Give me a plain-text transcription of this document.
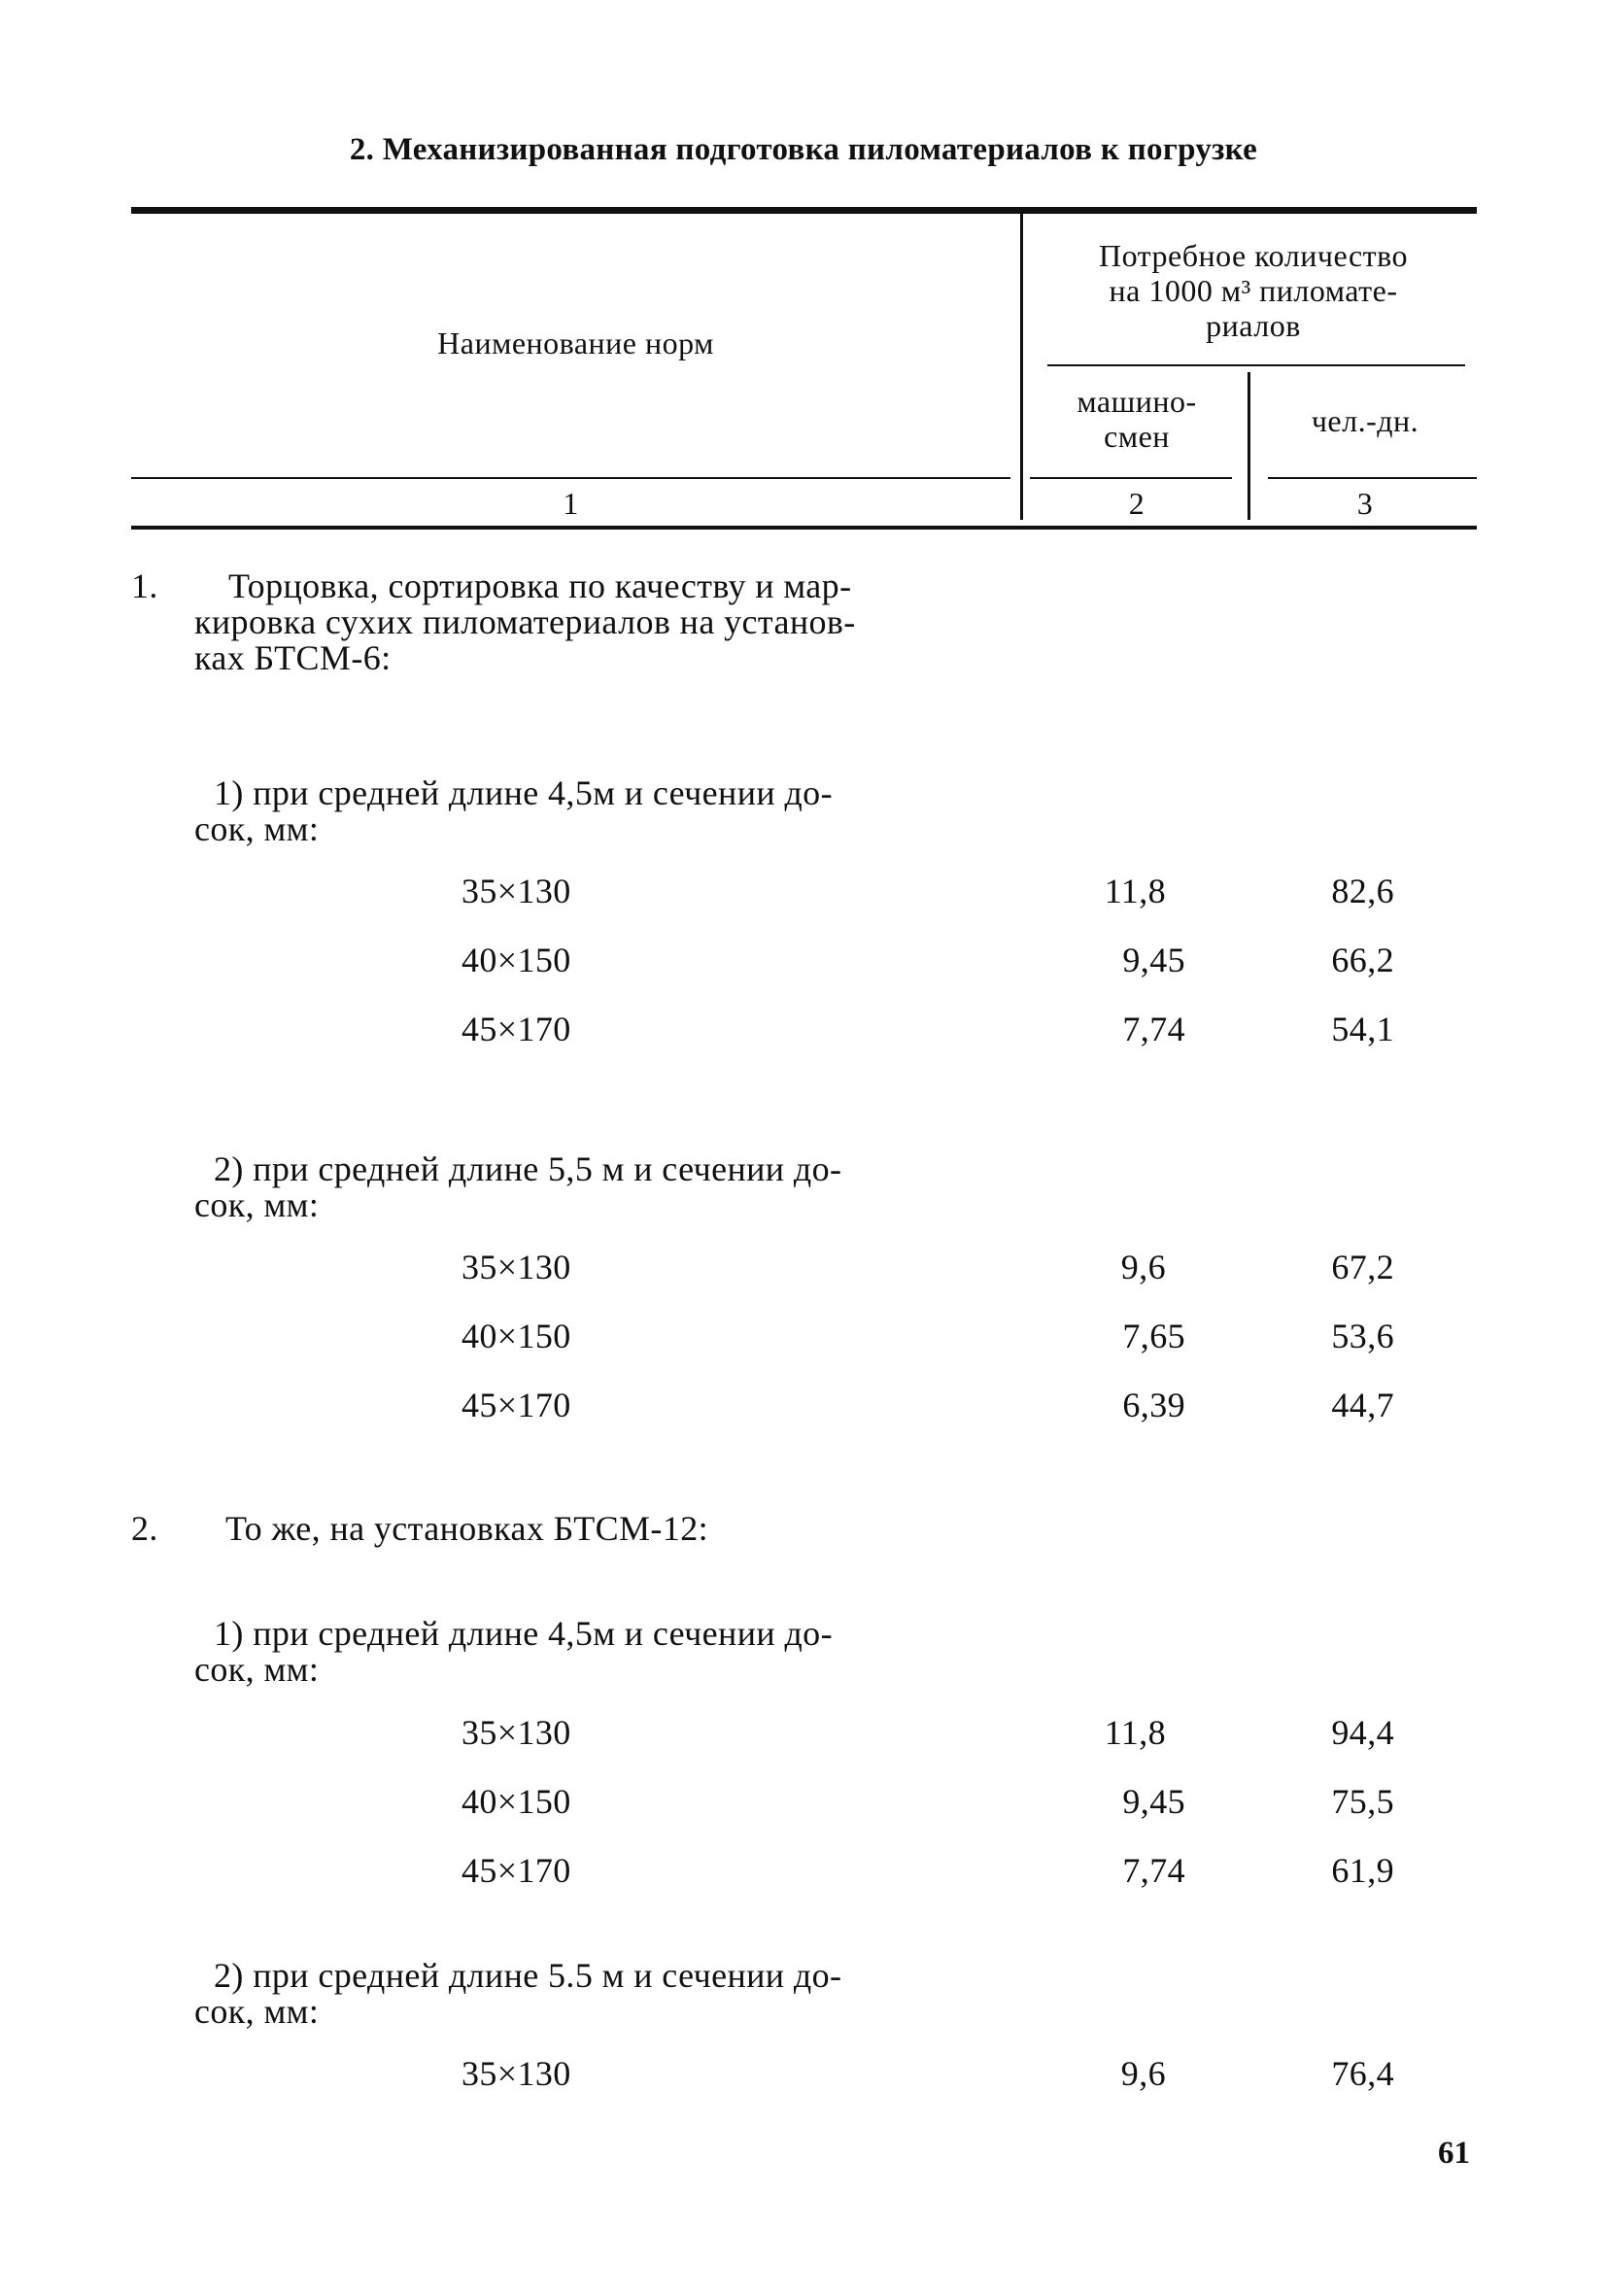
2. Механизированная подготовка пиломатериалов к погрузке
Наименование норм
Потребное количество
на 1000 м³ пиломате-
риалов
машино-
смен	чел.-дн.
1	2	3
1.	Торцовка, сортировка по качеству и мар-
кировка сухих пиломатериалов на установ-
ках БТСМ-6:
1) при средней длине 4,5м и сечении до-
сок, мм:
35×130	11,8	82,6
40×150	9,45	66,2
45×170	7,74	54,1
2) при средней длине 5,5 м и сечении до-
сок, мм:
35×130	9,6	67,2
40×150	7,65	53,6
45×170	6,39	44,7
2. То же, на установках БТСМ-12:
1) при средней длине 4,5м и сечении до-
сок, мм:
35×130	11,8	94,4
40×150	9,45	75,5
45×170	7,74	61,9
2) при средней длине 5.5 м и сечении до-
сок, мм:
35×130	9,6	76,4
61
